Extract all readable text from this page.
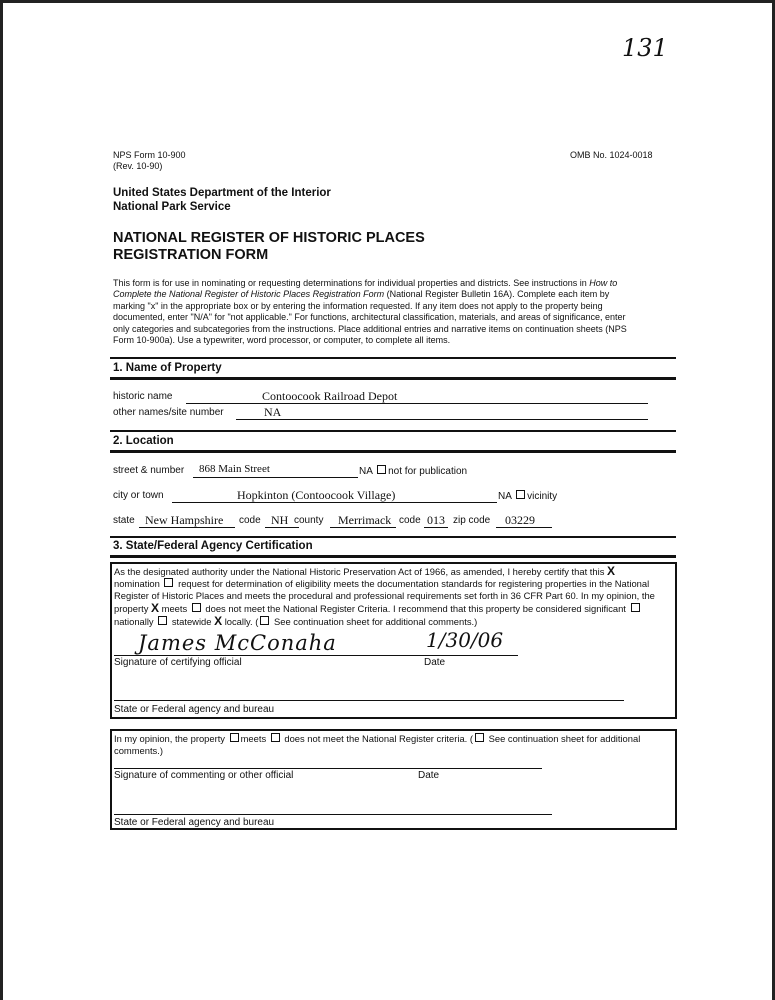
131
NPS Form 10-900
(Rev. 10-90)
OMB No. 1024-0018
United States Department of the Interior
National Park Service
NATIONAL REGISTER OF HISTORIC PLACES
REGISTRATION FORM
This form is for use in nominating or requesting determinations for individual properties and districts. See instructions in How to
Complete the National Register of Historic Places Registration Form (National Register Bulletin 16A). Complete each item by
marking "x" in the appropriate box or by entering the information requested. If any item does not apply to the property being
documented, enter "N/A" for "not applicable." For functions, architectural classification, materials, and areas of significance, enter
only categories and subcategories from the instructions. Place additional entries and narrative items on continuation sheets (NPS
Form 10-900a). Use a typewriter, word processor, or computer, to complete all items.
1. Name of Property
historic name	Contoocook Railroad Depot
other names/site number	NA
2. Location
street & number 868 Main Street	NA not for publication
city or town	Hopkinton (Contoocook Village)	NA vicinity
state New Hampshire code NH county Merrimack code 013 zip code 03229
3. State/Federal Agency Certification
As the designated authority under the National Historic Preservation Act of 1966, as amended, I hereby certify that this X
nomination request for determination of eligibility meets the documentation standards for registering properties in the National
Register of Historic Places and meets the procedural and professional requirements set forth in 36 CFR Part 60. In my opinion, the
property X meets does not meet the National Register Criteria. I recommend that this property be considered significant
nationally statewide X locally. ( See continuation sheet for additional comments.)
James McConaha	1/30/06
Signature of certifying official	Date
State or Federal agency and bureau
In my opinion, the property meets does not meet the National Register criteria. ( See continuation sheet for additional
comments.)
Signature of commenting or other official	Date
State or Federal agency and bureau
